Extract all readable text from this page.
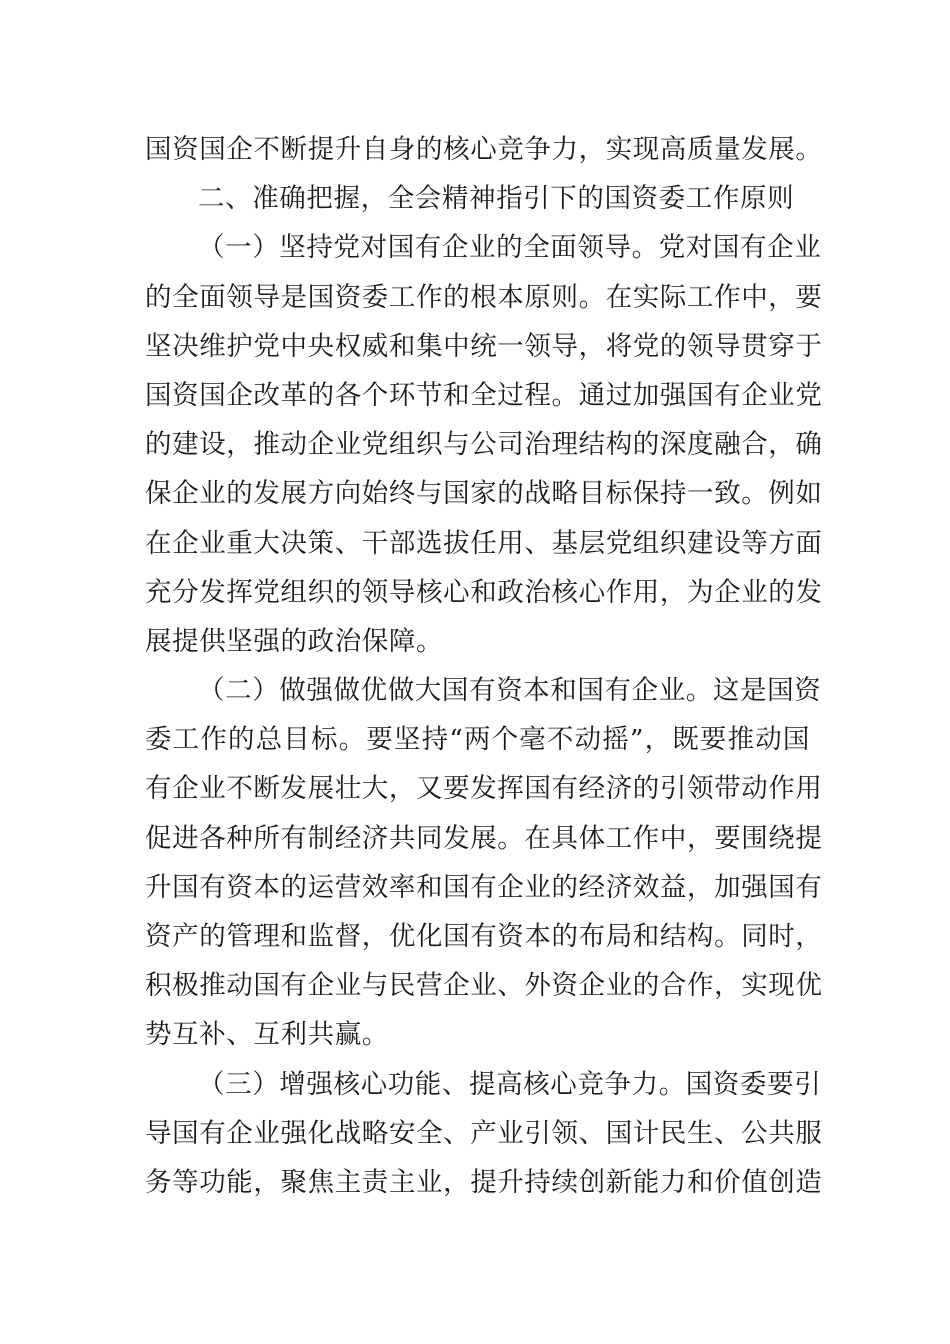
国资国企不断提升自身的核心竞争力，实现高质量发展。
二、准确把握，全会精神指引下的国资委工作原则
（一）坚持党对国有企业的全面领导。党对国有企业
的全面领导是国资委工作的根本原则。在实际工作中，要
坚决维护党中央权威和集中统一领导，将党的领导贯穿于
国资国企改革的各个环节和全过程。通过加强国有企业党
的建设，推动企业党组织与公司治理结构的深度融合，确
保企业的发展方向始终与国家的战略目标保持一致。例如
在企业重大决策、干部选拔任用、基层党组织建设等方面
充分发挥党组织的领导核心和政治核心作用，为企业的发
展提供坚强的政治保障。
（二）做强做优做大国有资本和国有企业。这是国资
委工作的总目标。要坚持“两个毫不动摇”，既要推动国
有企业不断发展壮大，又要发挥国有经济的引领带动作用
促进各种所有制经济共同发展。在具体工作中，要围绕提
升国有资本的运营效率和国有企业的经济效益，加强国有
资产的管理和监督，优化国有资本的布局和结构。同时，
积极推动国有企业与民营企业、外资企业的合作，实现优
势互补、互利共赢。
（三）增强核心功能、提高核心竞争力。国资委要引
导国有企业强化战略安全、产业引领、国计民生、公共服
务等功能，聚焦主责主业，提升持续创新能力和价值创造
